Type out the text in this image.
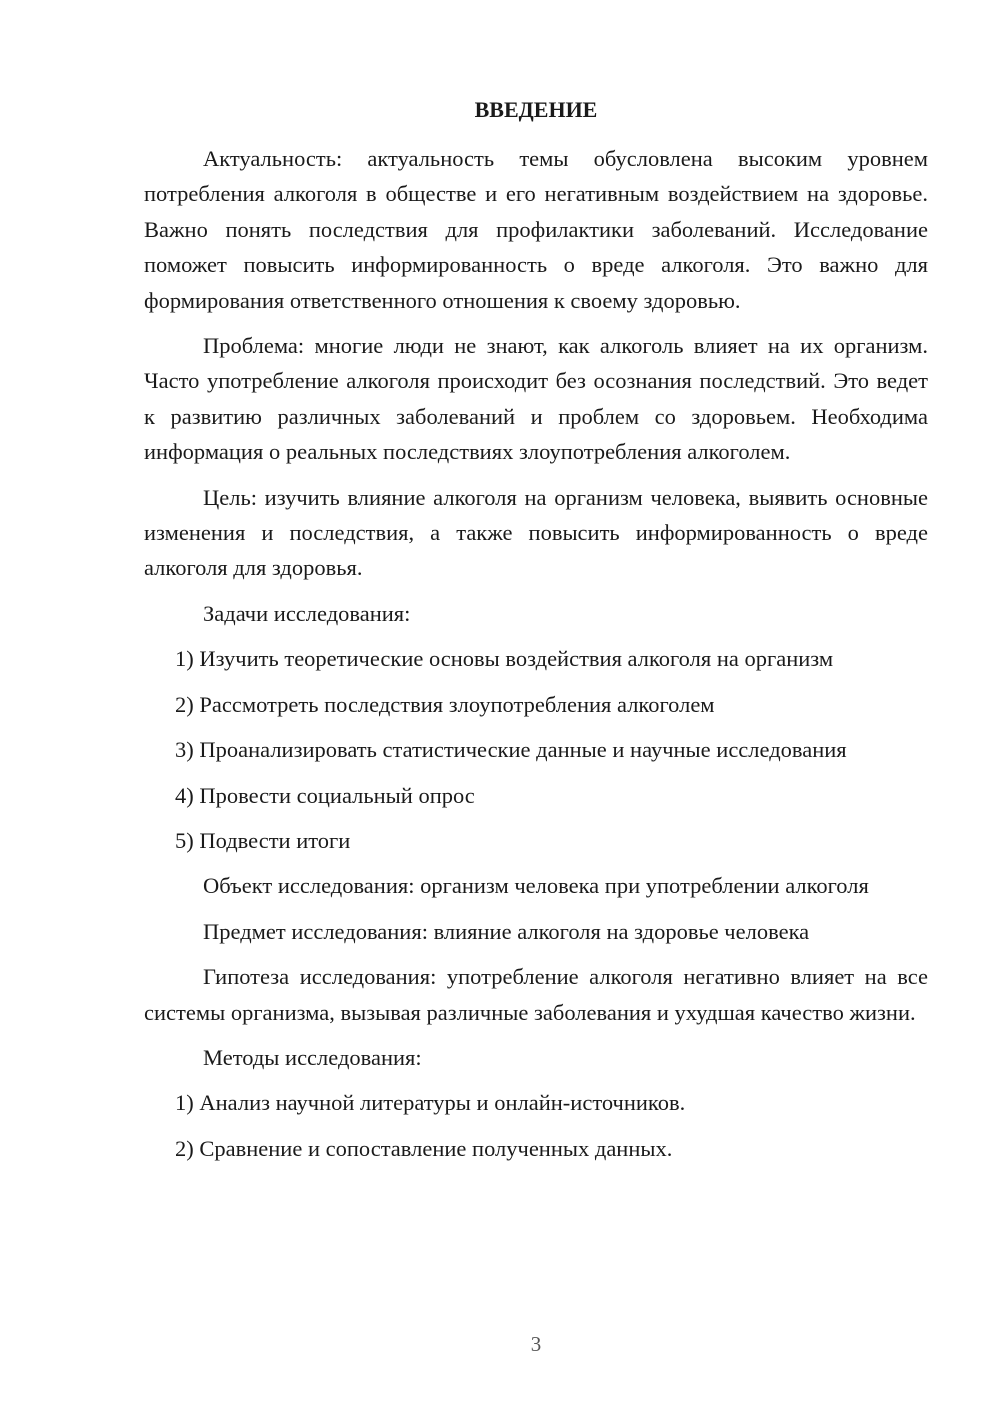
ВВЕДЕНИЕ

Актуальность: актуальность темы обусловлена высоким уровнем потребления алкоголя в обществе и его негативным воздействием на здоровье. Важно понять последствия для профилактики заболеваний. Исследование поможет повысить информированность о вреде алкоголя. Это важно для формирования ответственного отношения к своему здоровью.

Проблема: многие люди не знают, как алкоголь влияет на их организм. Часто употребление алкоголя происходит без осознания последствий. Это ведет к развитию различных заболеваний и проблем со здоровьем. Необходима информация о реальных последствиях злоупотребления алкоголем.

Цель: изучить влияние алкоголя на организм человека, выявить основные изменения и последствия, а также повысить информированность о вреде алкоголя для здоровья.

Задачи исследования:

1) Изучить теоретические основы воздействия алкоголя на организм
2) Рассмотреть последствия злоупотребления алкоголем
3) Проанализировать статистические данные и научные исследования
4) Провести социальный опрос
5) Подвести итоги

Объект исследования: организм человека при употреблении алкоголя

Предмет исследования: влияние алкоголя на здоровье человека

Гипотеза исследования: употребление алкоголя негативно влияет на все системы организма, вызывая различные заболевания и ухудшая качество жизни.

Методы исследования:

1) Анализ научной литературы и онлайн-источников.
2) Сравнение и сопоставление полученных данных.
3
